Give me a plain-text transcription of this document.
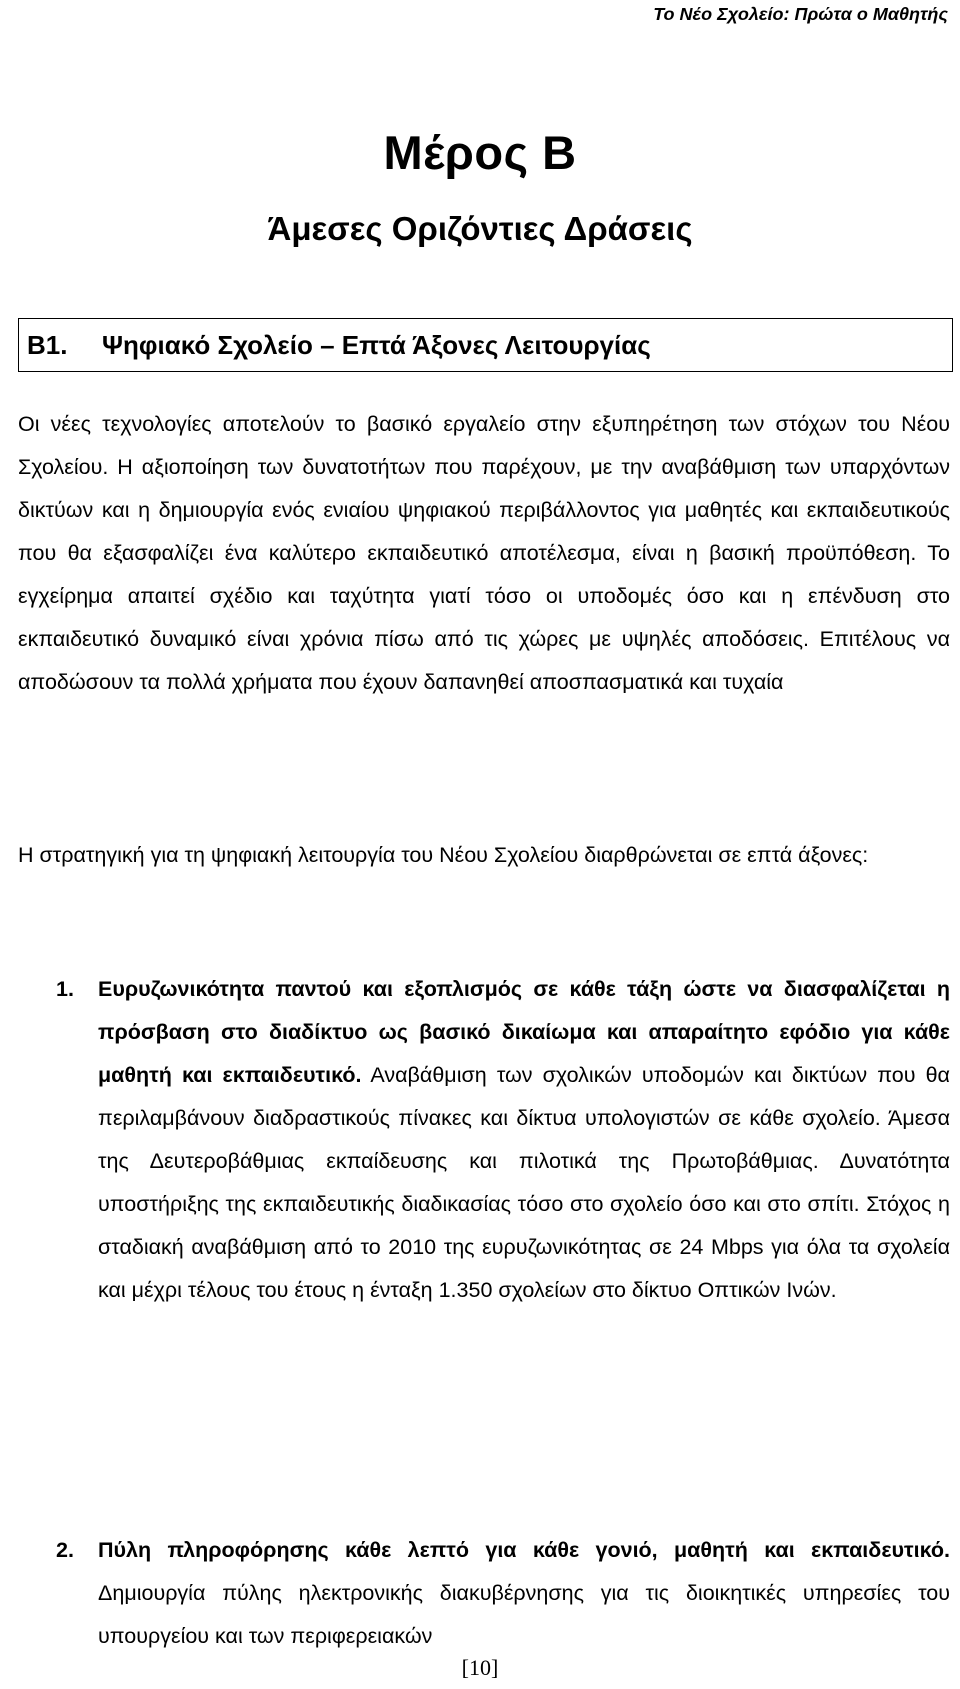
Το Νέο Σχολείο: Πρώτα ο Μαθητής
Μέρος Β
Άμεσες Οριζόντιες Δράσεις
Β1. Ψηφιακό Σχολείο – Επτά Άξονες Λειτουργίας
Οι νέες τεχνολογίες αποτελούν το βασικό εργαλείο στην εξυπηρέτηση των στόχων του Νέου Σχολείου. Η αξιοποίηση των δυνατοτήτων που παρέχουν, με την αναβάθμιση των υπαρχόντων δικτύων και η δημιουργία ενός ενιαίου ψηφιακού περιβάλλοντος για μαθητές και εκπαιδευτικούς που θα εξασφαλίζει ένα καλύτερο εκπαιδευτικό αποτέλεσμα, είναι η βασική προϋπόθεση. Το εγχείρημα απαιτεί σχέδιο και ταχύτητα γιατί τόσο οι υποδομές όσο και η επένδυση στο εκπαιδευτικό δυναμικό είναι χρόνια πίσω από τις χώρες με υψηλές αποδόσεις. Επιτέλους να αποδώσουν τα πολλά χρήματα που έχουν δαπανηθεί αποσπασματικά και τυχαία
Η στρατηγική για τη ψηφιακή λειτουργία του Νέου Σχολείου διαρθρώνεται σε επτά άξονες:
1. Ευρυζωνικότητα παντού και εξοπλισμός σε κάθε τάξη ώστε να διασφαλίζεται η πρόσβαση στο διαδίκτυο ως βασικό δικαίωμα και απαραίτητο εφόδιο για κάθε μαθητή και εκπαιδευτικό. Αναβάθμιση των σχολικών υποδομών και δικτύων που θα περιλαμβάνουν διαδραστικούς πίνακες και δίκτυα υπολογιστών σε κάθε σχολείο. Άμεσα της Δευτεροβάθμιας εκπαίδευσης και πιλοτικά της Πρωτοβάθμιας. Δυνατότητα υποστήριξης της εκπαιδευτικής διαδικασίας τόσο στο σχολείο όσο και στο σπίτι. Στόχος η σταδιακή αναβάθμιση από το 2010 της ευρυζωνικότητας σε 24 Mbps για όλα τα σχολεία και μέχρι τέλους του έτους η ένταξη 1.350 σχολείων στο δίκτυο Οπτικών Ινών.
2. Πύλη πληροφόρησης κάθε λεπτό για κάθε γονιό, μαθητή και εκπαιδευτικό. Δημιουργία πύλης ηλεκτρονικής διακυβέρνησης για τις διοικητικές υπηρεσίες του υπουργείου και των περιφερειακών
[10]
